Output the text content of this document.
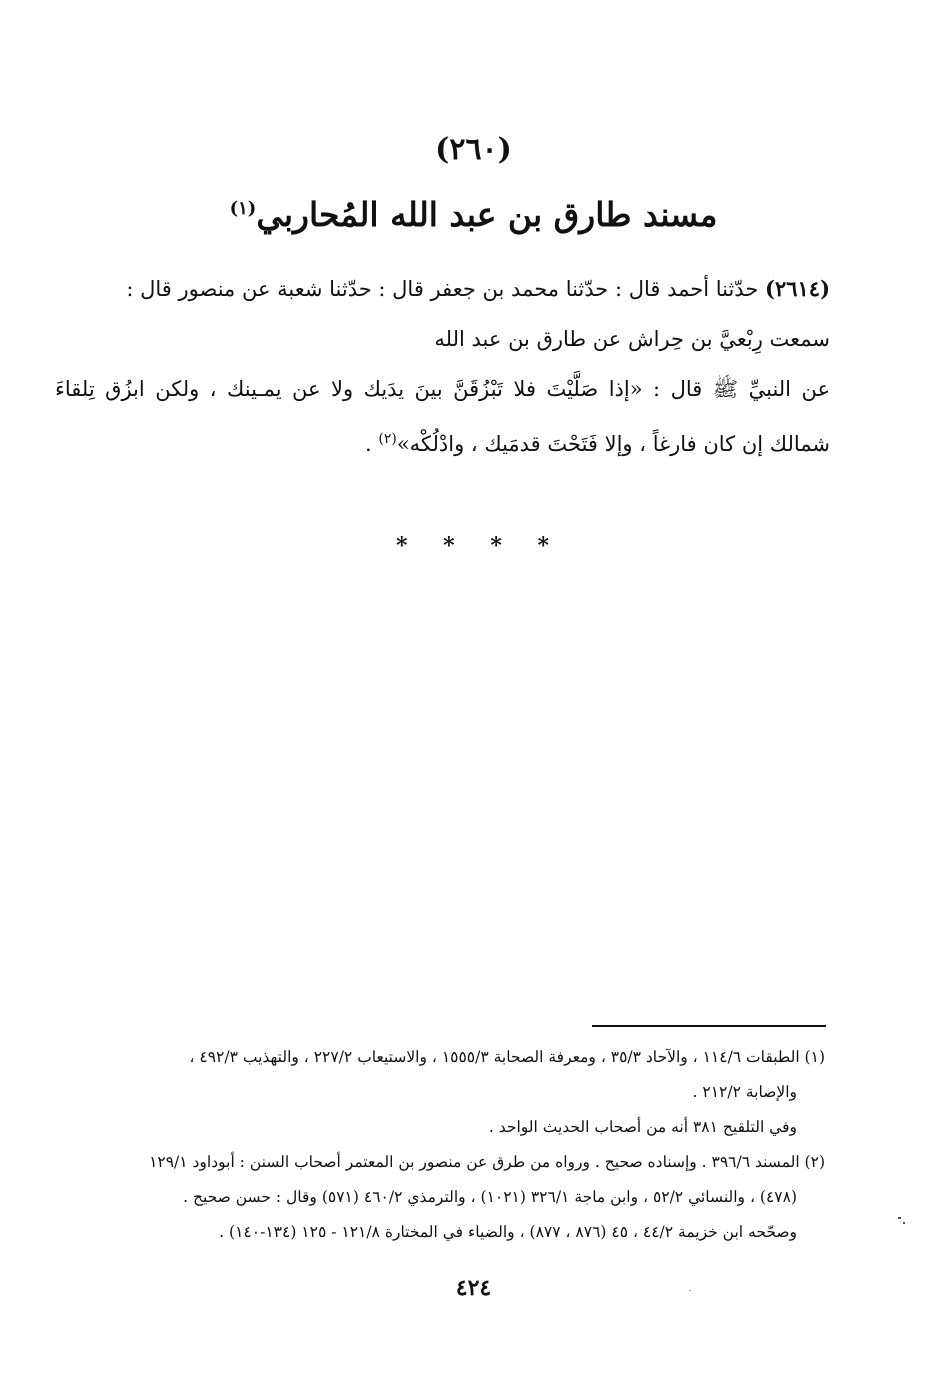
(٢٦٠)
مسند طارق بن عبد الله المُحاربي$^{(١)}$
(٢٦١٤) حدّثنا أحمد قال : حدّثنا محمد بن جعفر قال : حدّثنا شعبة عن منصور قال :
سمعت رِبْعيَّ بن حِراش عن طارق بن عبد الله
عن النبيِّ ﷺ قال : «إذا صَلَّيْتَ فلا تَبْزُقَنَّ بينَ يدَيك ولا عن يمـينك ، ولكن ابزُق تِلقاءَ شمالك إن كان فارغاً ، وإلا فَتَحْتَ قدمَيك ، وادْلُكْه»$^{(٢)}$ .
* * * *

(١) الطبقات ١١٤/٦ ، والآحاد ٣٥/٣ ، ومعرفة الصحابة ١٥٥٥/٣ ، والاستيعاب ٢٢٧/٢ ، والتهذيب ٤٩٢/٣ ،

والإصابة ٢١٢/٢ .

وفي التلقيح ٣٨١ أنه من أصحاب الحديث الواحد .

(٢) المسند ٣٩٦/٦ . وإسناده صحيح . ورواه من طرق عن منصور بن المعتمر أصحاب السنن : أبوداود ١٢٩/١

(٤٧٨) ، والنسائي ٥٢/٢ ، وابن ماجة ٣٢٦/١ (١٠٢١) ، والترمذي ٤٦٠/٢ (٥٧١) وقال : حسن صحيح .

وصحّحه ابن خزيمة ٤٤/٢ ، ٤٥ (٨٧٦ ، ٨٧٧) ، والضياء في المختارة ١٢١/٨ - ١٢٥ (١٣٤-١٤٠) .

٤٢٤
